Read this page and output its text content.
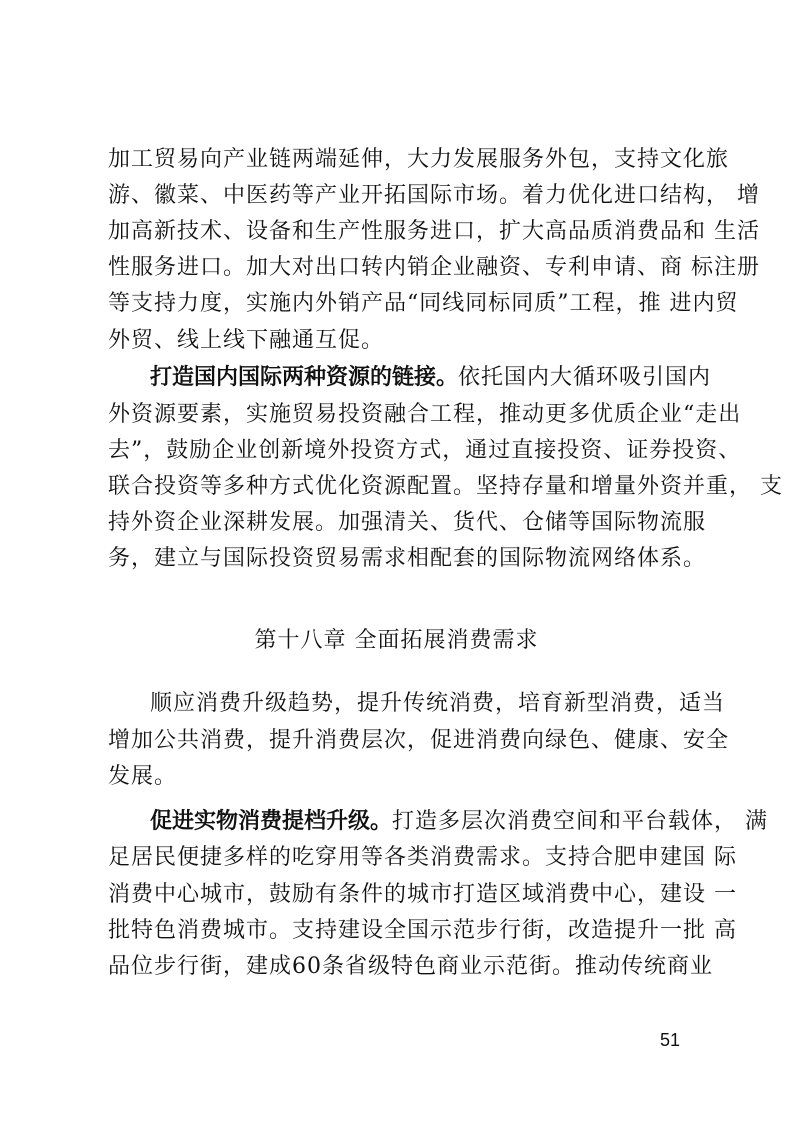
加工贸易向产业链两端延伸，大力发展服务外包，支持文化旅
游、徽菜、中医药等产业开拓国际市场。着力优化进口结构， 增
加高新技术、设备和生产性服务进口，扩大高品质消费品和 生活
性服务进口。加大对出口转内销企业融资、专利申请、商 标注册
等支持力度，实施内外销产品“同线同标同质”工程，推 进内贸
外贸、线上线下融通互促。
打造国内国际两种资源的链接。依托国内大循环吸引国内
外资源要素，实施贸易投资融合工程，推动更多优质企业“走出
去”，鼓励企业创新境外投资方式，通过直接投资、证券投资、
联合投资等多种方式优化资源配置。坚持存量和增量外资并重， 支
持外资企业深耕发展。加强清关、货代、仓储等国际物流服
务，建立与国际投资贸易需求相配套的国际物流网络体系。
第十八章 全面拓展消费需求
顺应消费升级趋势，提升传统消费，培育新型消费，适当
增加公共消费，提升消费层次，促进消费向绿色、健康、安全
发展。
促进实物消费提档升级。打造多层次消费空间和平台载体， 满
足居民便捷多样的吃穿用等各类消费需求。支持合肥申建国 际
消费中心城市，鼓励有条件的城市打造区域消费中心，建设 一
批特色消费城市。支持建设全国示范步行街，改造提升一批 高
品位步行街，建成60条省级特色商业示范街。推动传统商业
51
